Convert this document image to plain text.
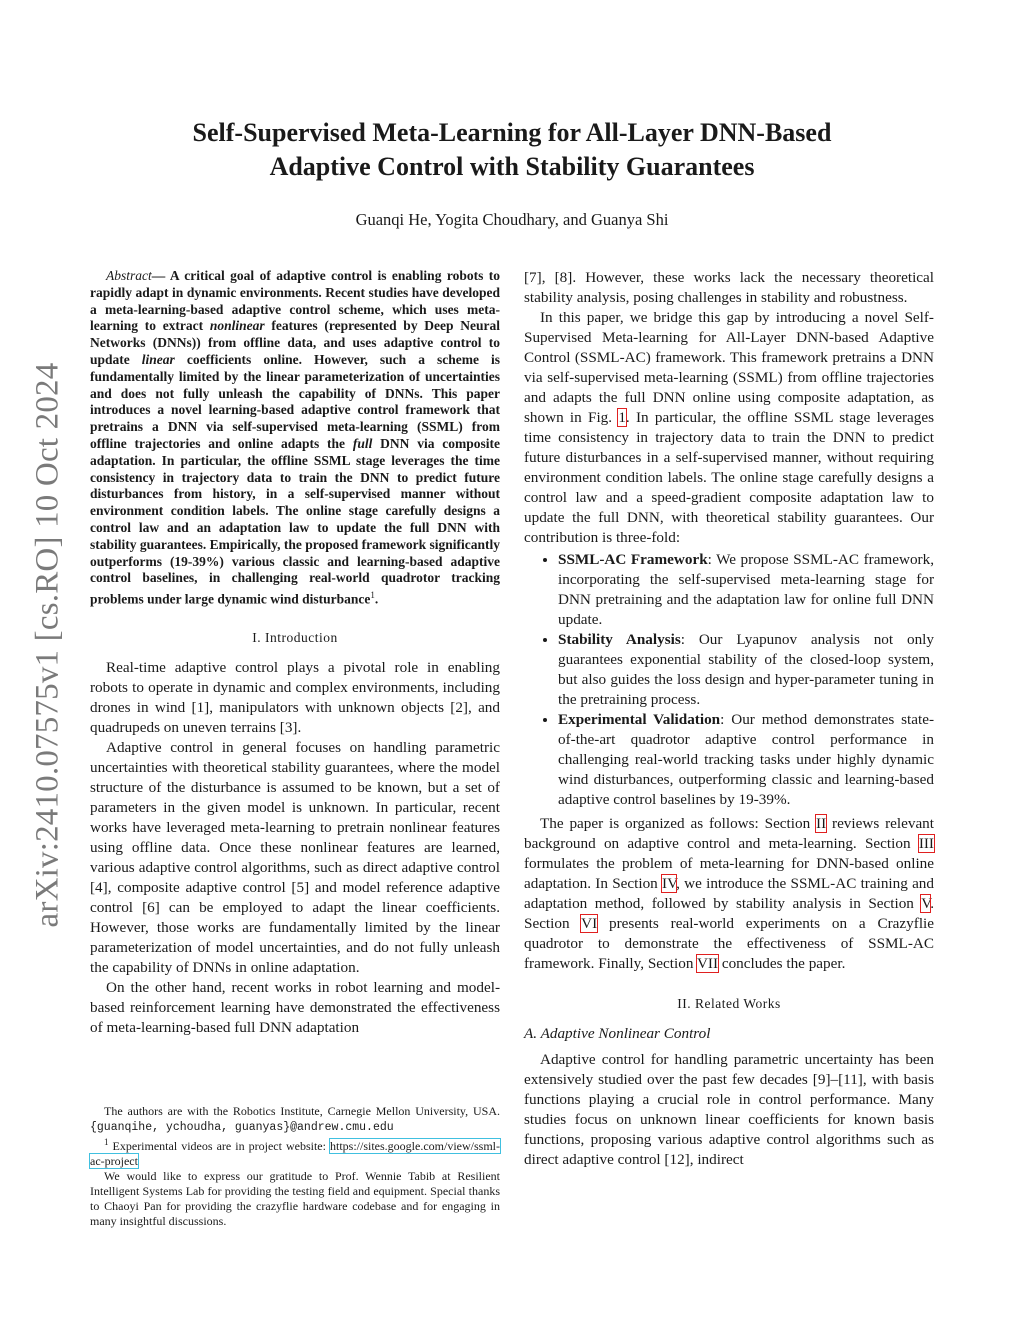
arXiv:2410.07575v1 [cs.RO] 10 Oct 2024
Self-Supervised Meta-Learning for All-Layer DNN-Based
Adaptive Control with Stability Guarantees
Guanqi He, Yogita Choudhary, and Guanya Shi

Abstract— A critical goal of adaptive control is enabling robots to rapidly adapt in dynamic environments. Recent studies have developed a meta-learning-based adaptive control scheme, which uses meta-learning to extract nonlinear features (represented by Deep Neural Networks (DNNs)) from offline data, and uses adaptive control to update linear coefficients online. However, such a scheme is fundamentally limited by the linear parameterization of uncertainties and does not fully unleash the capability of DNNs. This paper introduces a novel learning-based adaptive control framework that pretrains a DNN via self-supervised meta-learning (SSML) from offline trajectories and online adapts the full DNN via composite adaptation. In particular, the offline SSML stage leverages the time consistency in trajectory data to train the DNN to predict future disturbances from history, in a self-supervised manner without environment condition labels. The online stage carefully designs a control law and an adaptation law to update the full DNN with stability guarantees. Empirically, the proposed framework significantly outperforms (19-39%) various classic and learning-based adaptive control baselines, in challenging real-world quadrotor tracking problems under large dynamic wind disturbance$^1$.

I. Introduction

Real-time adaptive control plays a pivotal role in enabling robots to operate in dynamic and complex environments, including drones in wind [1], manipulators with unknown objects [2], and quadrupeds on uneven terrains [3].

Adaptive control in general focuses on handling parametric uncertainties with theoretical stability guarantees, where the model structure of the disturbance is assumed to be known, but a set of parameters in the given model is unknown. In particular, recent works have leveraged meta-learning to pretrain nonlinear features using offline data. Once these nonlinear features are learned, various adaptive control algorithms, such as direct adaptive control [4], composite adaptive control [5] and model reference adaptive control [6] can be employed to adapt the linear coefficients. However, those works are fundamentally limited by the linear parameterization of model uncertainties, and do not fully unleash the capability of DNNs in online adaptation.

On the other hand, recent works in robot learning and model-based reinforcement learning have demonstrated the effectiveness of meta-learning-based full DNN adaptation

The authors are with the Robotics Institute, Carnegie Mellon University, USA. {guanqihe, ychoudha, guanyas}@andrew.cmu.edu

$^1$ Experimental videos are in project website: https://sites.google.com/view/ssml-ac-project

We would like to express our gratitude to Prof. Wennie Tabib at Resilient Intelligent Systems Lab for providing the testing field and equipment. Special thanks to Chaoyi Pan for providing the crazyflie hardware codebase and for engaging in many insightful discussions.

[7], [8]. However, these works lack the necessary theoretical stability analysis, posing challenges in stability and robustness.

In this paper, we bridge this gap by introducing a novel Self-Supervised Meta-learning for All-Layer DNN-based Adaptive Control (SSML-AC) framework. This framework pretrains a DNN via self-supervised meta-learning (SSML) from offline trajectories and adapts the full DNN online using composite adaptation, as shown in Fig. 1. In particular, the offline SSML stage leverages time consistency in trajectory data to train the DNN to predict future disturbances in a self-supervised manner, without requiring environment condition labels. The online stage carefully designs a control law and a speed-gradient composite adaptation law to update the full DNN, with theoretical stability guarantees. Our contribution is three-fold:

• SSML-AC Framework: We propose SSML-AC framework, incorporating the self-supervised meta-learning stage for DNN pretraining and the adaptation law for online full DNN update.
• Stability Analysis: Our Lyapunov analysis not only guarantees exponential stability of the closed-loop system, but also guides the loss design and hyper-parameter tuning in the pretraining process.
• Experimental Validation: Our method demonstrates state-of-the-art quadrotor adaptive control performance in challenging real-world tracking tasks under highly dynamic wind disturbances, outperforming classic and learning-based adaptive control baselines by 19-39%.

The paper is organized as follows: Section II reviews relevant background on adaptive control and meta-learning. Section III formulates the problem of meta-learning for DNN-based online adaptation. In Section IV, we introduce the SSML-AC training and adaptation method, followed by stability analysis in Section V. Section VI presents real-world experiments on a Crazyflie quadrotor to demonstrate the effectiveness of SSML-AC framework. Finally, Section VII concludes the paper.

II. Related Works
A. Adaptive Nonlinear Control

Adaptive control for handling parametric uncertainty has been extensively studied over the past few decades [9]–[11], with basis functions playing a crucial role in control performance. Many studies focus on unknown linear coefficients for known basis functions, proposing various adaptive control algorithms such as direct adaptive control [12], indirect
